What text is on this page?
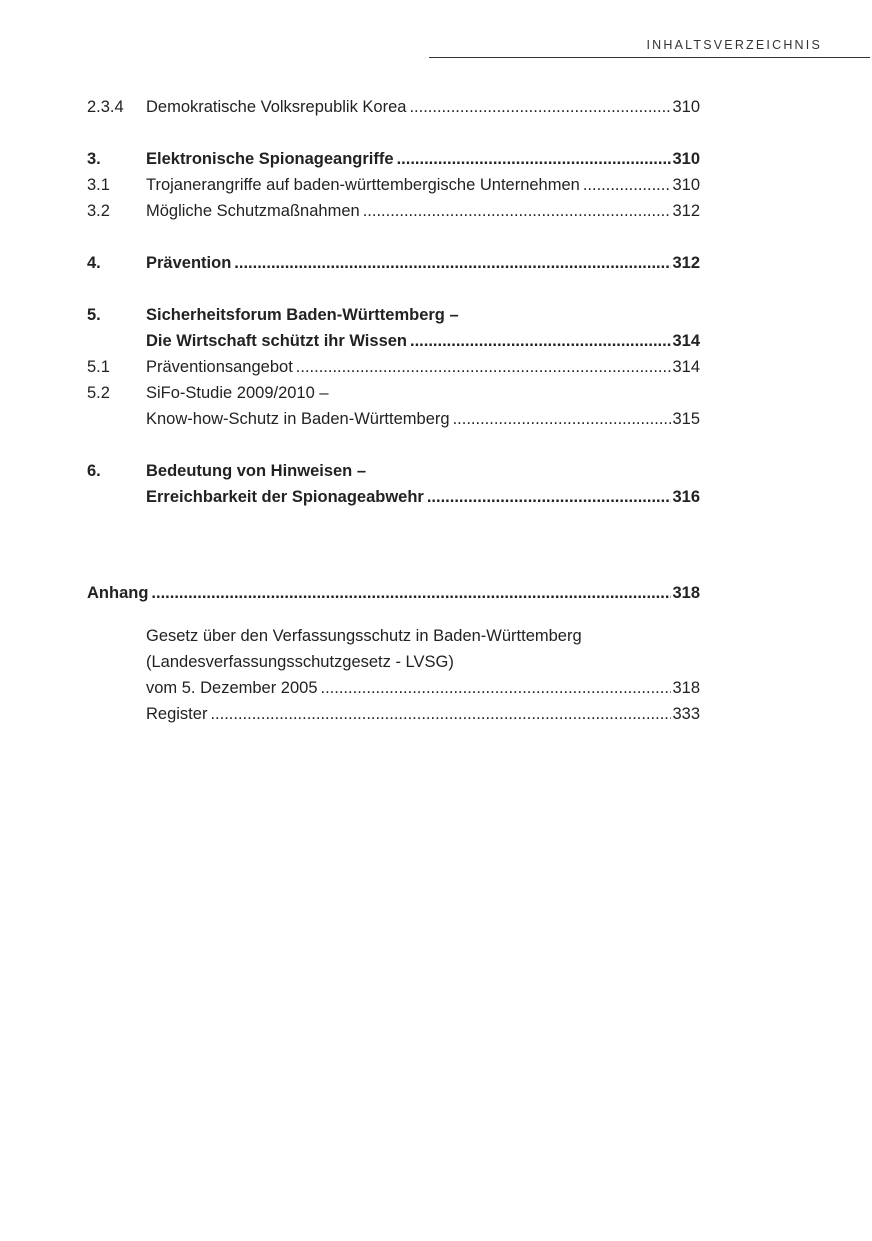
INHALTSVERZEICHNIS
2.3.4	Demokratische Volksrepublik Korea .....	310
3.	Elektronische Spionageangriffe .....	310
3.1	Trojanerangriffe auf baden-württembergische Unternehmen .....	310
3.2	Mögliche Schutzmaßnahmen .....	312
4.	Prävention .....	312
5.	Sicherheitsforum Baden-Württemberg –
Die Wirtschaft schützt ihr Wissen .....	314
5.1	Präventionsangebot .....	314
5.2	SiFo-Studie 2009/2010 –
Know-how-Schutz in Baden-Württemberg .....	315
6.	Bedeutung von Hinweisen –
Erreichbarkeit der Spionageabwehr .....	316
Anhang .....	318
Gesetz über den Verfassungsschutz in Baden-Württemberg
(Landesverfassungsschutzgesetz - LVSG)
vom 5. Dezember 2005 .....	318
Register .....	333
